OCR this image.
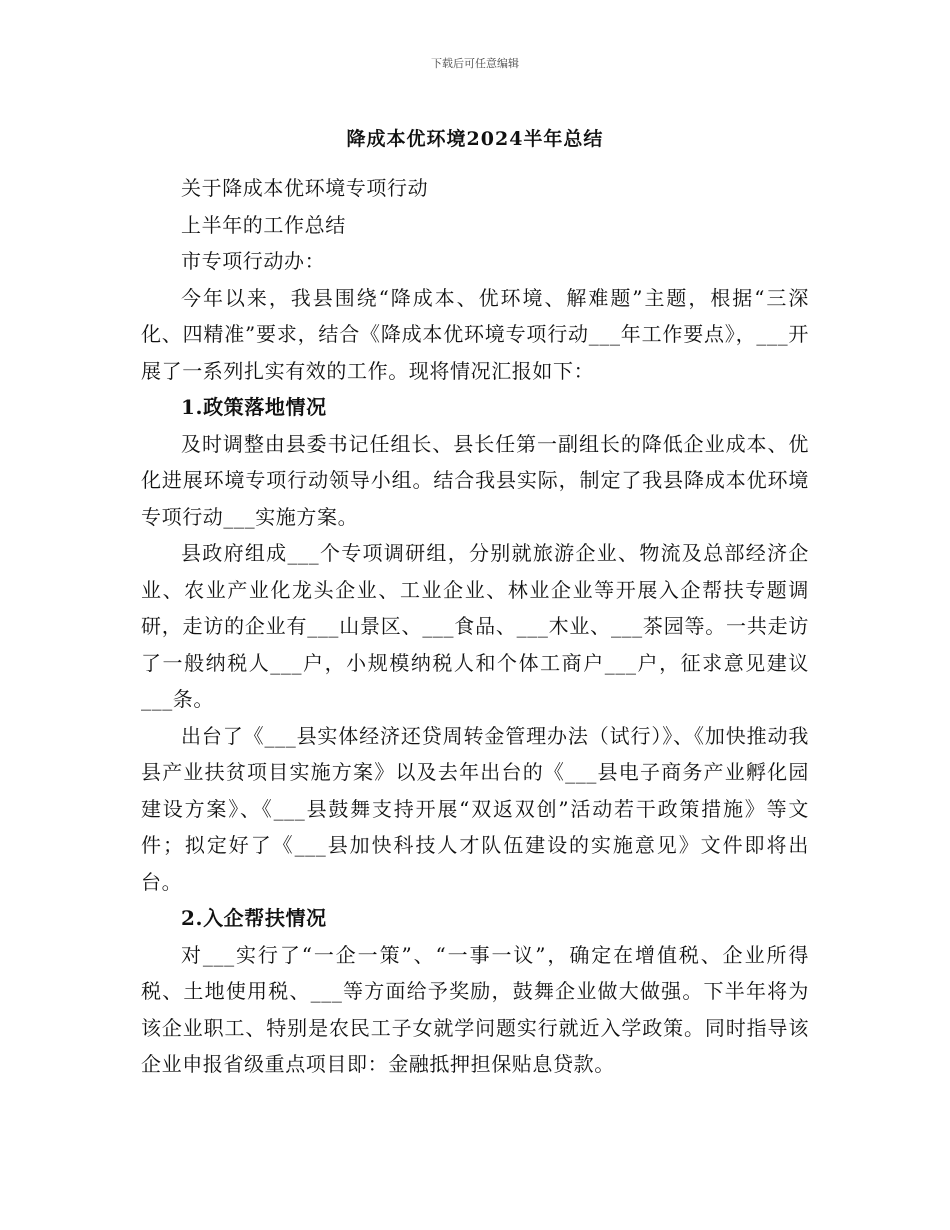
下载后可任意编辑
降成本优环境2024半年总结

关于降成本优环境专项行动

上半年的工作总结

市专项行动办：

今年以来，我县围绕“降成本、优环境、解难题”主题，根据“三深化、四精准”要求，结合《降成本优环境专项行动___年工作要点》，___开展了一系列扎实有效的工作。现将情况汇报如下：

1.政策落地情况

及时调整由县委书记任组长、县长任第一副组长的降低企业成本、优化进展环境专项行动领导小组。结合我县实际，制定了我县降成本优环境专项行动___实施方案。

县政府组成___个专项调研组，分别就旅游企业、物流及总部经济企业、农业产业化龙头企业、工业企业、林业企业等开展入企帮扶专题调研，走访的企业有___山景区、___食品、___木业、___茶园等。一共走访了一般纳税人___户，小规模纳税人和个体工商户___户，征求意见建议___条。

出台了《___县实体经济还贷周转金管理办法（试行）》、《加快推动我县产业扶贫项目实施方案》以及去年出台的《___县电子商务产业孵化园建设方案》、《___县鼓舞支持开展“双返双创”活动若干政策措施》等文件；拟定好了《___县加快科技人才队伍建设的实施意见》文件即将出台。

2.入企帮扶情况

对___实行了“一企一策”、“一事一议”，确定在增值税、企业所得税、土地使用税、___等方面给予奖励，鼓舞企业做大做强。下半年将为该企业职工、特别是农民工子女就学问题实行就近入学政策。同时指导该企业申报省级重点项目即：金融抵押担保贴息贷款。
